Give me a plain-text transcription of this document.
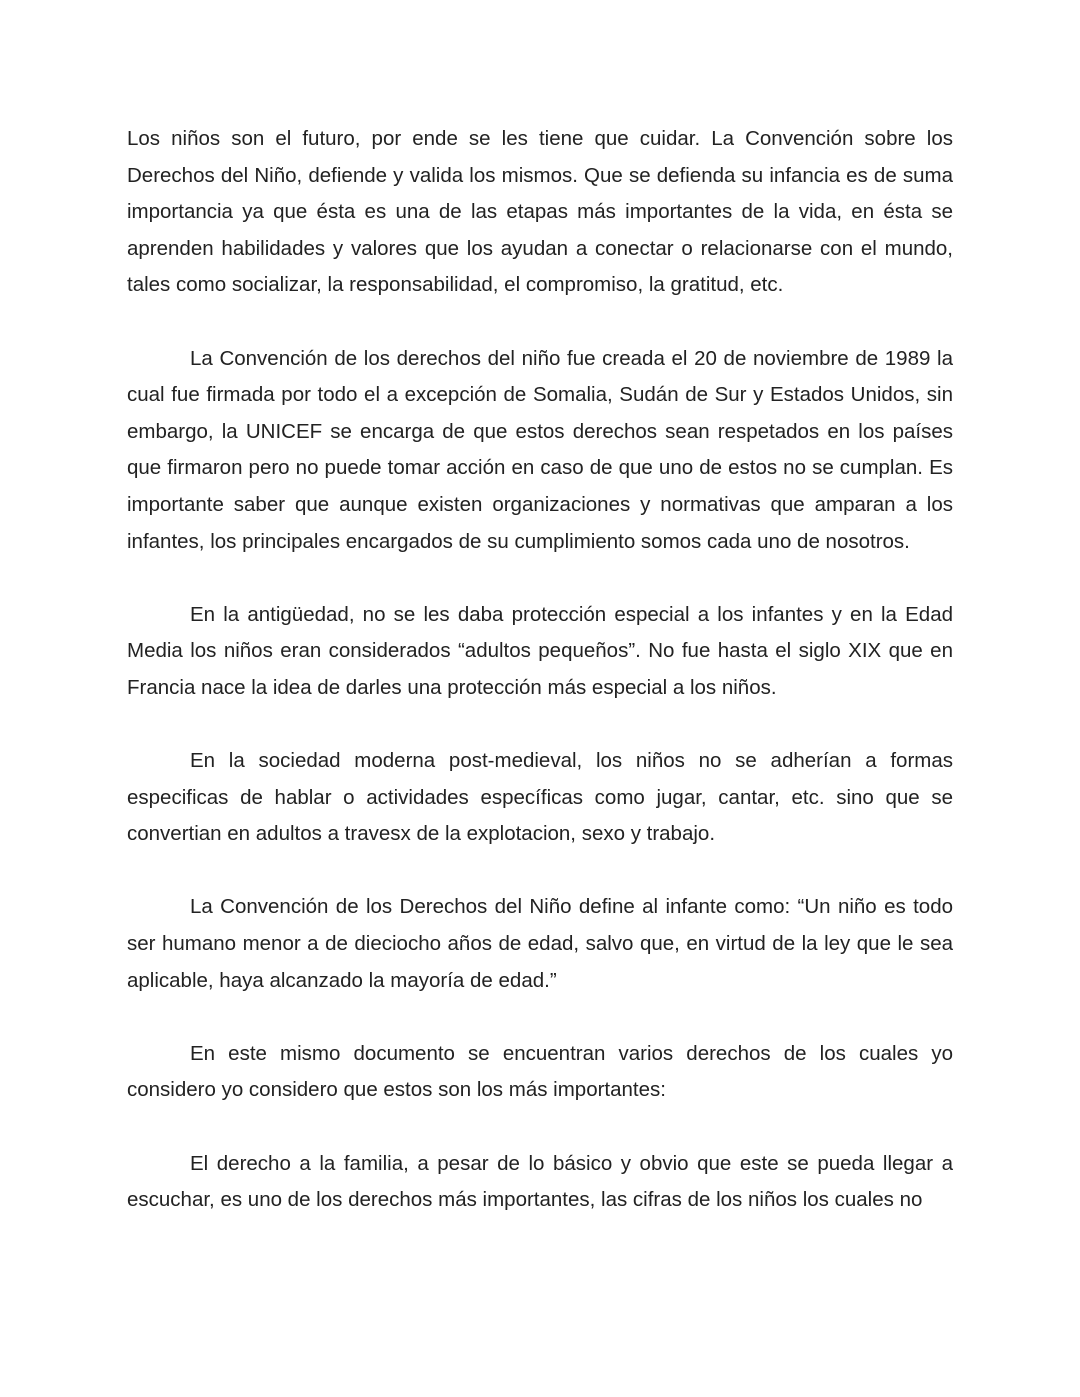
Los niños son el futuro, por ende se les tiene que cuidar. La Convención sobre los Derechos del Niño, defiende y valida los mismos. Que se defienda su infancia es de suma importancia ya que ésta es una de las etapas más importantes de la vida, en ésta se aprenden habilidades y valores que los ayudan a conectar o relacionarse con el mundo, tales como socializar, la responsabilidad, el compromiso, la gratitud, etc.

La Convención de los derechos del niño fue creada el 20 de noviembre de 1989 la cual fue firmada por todo el a excepción de Somalia, Sudán de Sur y Estados Unidos, sin embargo, la UNICEF se encarga de que estos derechos sean respetados en los países que firmaron pero no puede tomar acción en caso de que uno de estos no se cumplan. Es importante saber que aunque existen organizaciones y normativas que amparan a los infantes, los principales encargados de su cumplimiento somos cada uno de nosotros.

En la antigüedad, no se les daba protección especial a los infantes y en la Edad Media los niños eran considerados “adultos pequeños”. No fue hasta el siglo XIX que en Francia nace la idea de darles una protección más especial a los niños.

En la sociedad moderna post-medieval, los niños no se adherían a formas especificas de hablar o actividades específicas como jugar, cantar, etc. sino que se convertian en adultos a travesx de la explotacion, sexo y trabajo.

La Convención de los Derechos del Niño define al infante como: “Un niño es todo ser humano menor a de dieciocho años de edad, salvo que, en virtud de la ley que le sea aplicable, haya alcanzado la mayoría de edad.”

En este mismo documento se encuentran varios derechos de los cuales yo considero yo considero que estos son los más importantes:

El derecho a la familia, a pesar de lo básico y obvio que este se pueda llegar a escuchar, es uno de los derechos más importantes, las cifras de los niños los cuales no
